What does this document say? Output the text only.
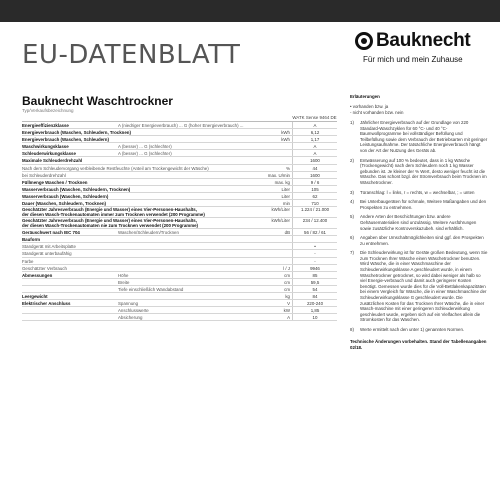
EU-DATENBLATT	Bauknecht
Für mich und mein Zuhause
Bauknecht Waschtrockner
Typ/Verkaufsbezeichnung
WATK Sense 9464 DE
Energieeffizienzklasse	A (niedriger Energieverbrauch) ... G (hoher Energieverbrauch) ...	A
Energieverbrauch (Waschen, Schleudern, Trocknen)	kWh	6,12
Energieverbrauch (Waschen, Schleudern)	kWh	1,17
Waschwirkungsklasse	A (besser) ... G (schlechter)	A
Schleuderwirkungsklasse	A (besser) ... G (schlechter)	A
Maximale Schleuderdrehzahl	1600
Nach dem Schleudervorgang verbleibende Restfeuchte (Anteil am Trockengewicht der Wäsche)	%	44
bei Schleuderdrehzahl	max. U/min	1600
Füllmenge Waschen / Trocknen	max. kg	9 / 6
Wasserverbrauch (Waschen, Schleudern, Trocknen)	Liter	105
Wasserverbrauch (Waschen, Schleudern)	Liter	62
Dauer (Waschen, Schleudern, Trocknen)	min	710
Geschätzter Jahresverbrauch (Energie und Wasser) eines Vier-Personen-Haushalts,
der diesen Wasch-Trockenautomaten immer zum Trocknen verwendet (200 Programme)
kWh/Liter	1.224 / 21.000
Geschätzter Jahresverbrauch (Energie und Wasser) eines Vier-Personen-Haushalts,
der diesen Wasch-Trockenautomaten nie zum Trocknen verwendet (200 Programme)
kWh/Liter	234 / 12.400
Geräuschwert nach IEC 704	Waschen/Schleudern/Trocknen	dB	56 / 82 / 61
Bauform
Standgerät mit Arbeitsplatte	•
Standgerät unterbaufähig	-
Farbe	-
Geschätzter Verbrauch	l / J	9946
Abmessungen	Höhe	cm	85
Breite	cm	59,5
Tiefe einschließlich Wandabstand	cm	54
Leergewicht	kg	84
Elektrischer Anschluss	Spannung	V	220-240
Anschlusswerte	kW	1,85
Absicherung	A	10
Erläuterungen
• vorhanden bzw. ja
- nicht vorhanden bzw. nein
1)	Jährlicher Energieverbrauch auf der Grundlage von 220 Standard-Waschzyklen für 60 °C- und 40 °C-Baumwollprogramme bei vollständiger Befüllung und Teilbefüllung sowie dem Verbrauch der Betriebsarten mit geringer Leistungsaufnahme. Der tatsächliche Energieverbrauch hängt von der Art der Nutzung des Geräts ab.
2)	Entwässerung auf 100 % bedeutet, dass in 1 kg Wäsche (Trockengewicht) nach dem Schleudern noch 1 kg Wasser gebunden ist. Je kleiner der % Wert, desto weniger feucht ist die Wäsche. Das schont bzgl. der Stromverbrauch beim Trocknen im Wäschetrockner.
3)	Türanschlag: l = links, r = rechts, w = wechselbar, ; = unten
4)	Bei Unterbaugeräten für schmale, Weitere Maßangaben und den Prospekten zu entnehmen.
5)	Andere Arten der Beschichtungen bzw. andere Gehäusematerialien sind unzulässig. Weitere Ausführungen sowie zusätzliche Kontroverskazubeh. sind erhältlich.
6)	Angaben über Umschaltmöglichkeiten sind ggf. den Prospekten zu entnehmen.
7)	Die Schleuderwirkung ist für Geräte großen Bedeutung, wenn Sie zum Trocknen Ihrer Wäsche einen Wäschetrockner benutzen. Wird Wäsche, die in einer Waschmaschine der Schleuderwirkungsklasse A geschleudert wurde, in einem Wäschetrockner getrocknet, so wird dabei weniger als halb so viel Energie-verbrauch und damit auch geringerer Kosten benötigt. Gemessen wurde dies für die Voll-Bettlakenkapazitäten bei einem Vergleich für Wäsche, die in einer Waschmaschine der Schleuderwirkungsklasse G geschleudert wurde. Die zusätzlichen Kosten für das Trocknen Ihrer Wäsche, die in einer Wasch-maschine mit einer geringeren Schleuderwirkung geschleudert wurde, ergeben sich auf ein Vielfaches allein die Stromkosten für das Waschen.
8)	Werte ermittelt nach den unter 1) genannten Normen.
Technische Änderungen vorbehalten. Stand der Tabellenangaben 02/18.
